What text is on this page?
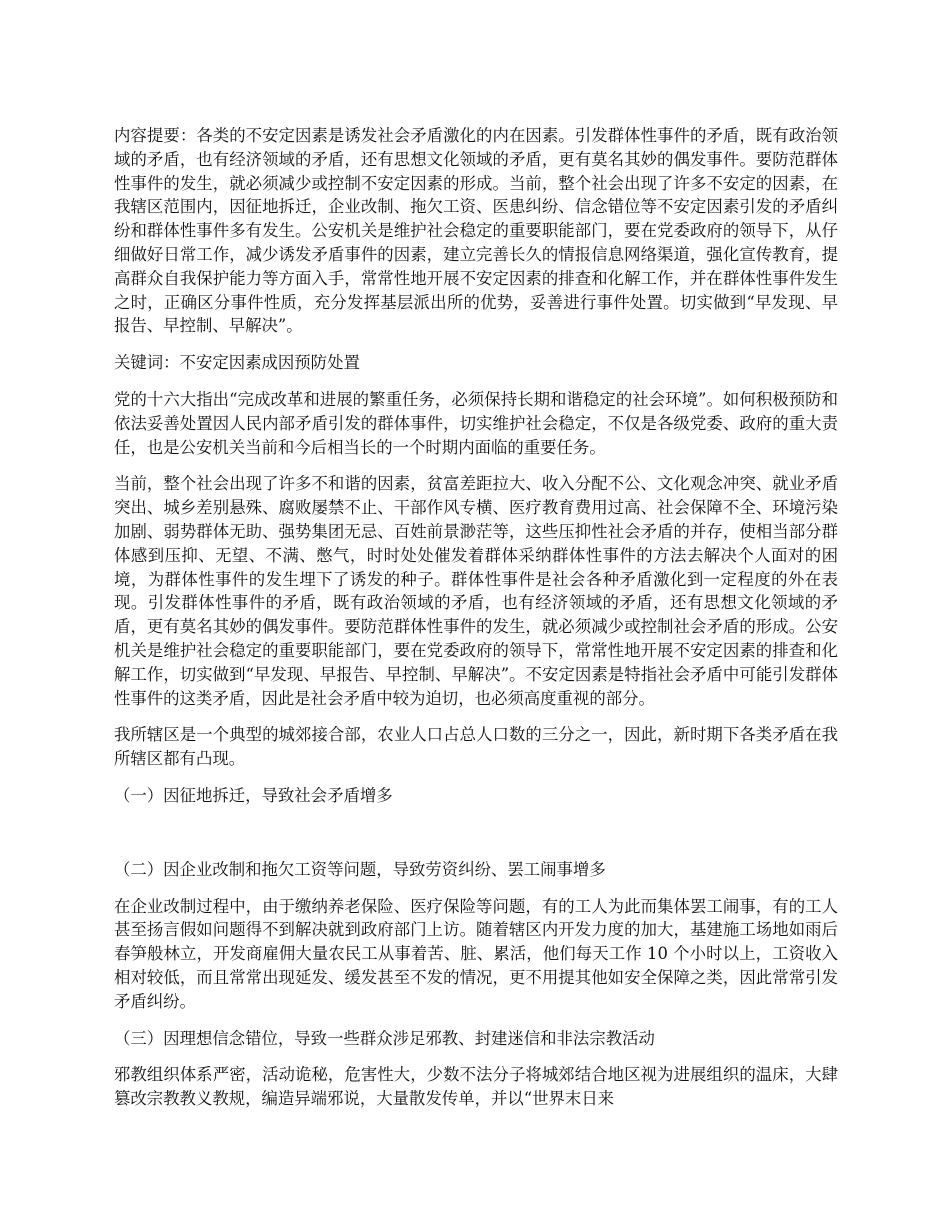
内容提要：各类的不安定因素是诱发社会矛盾激化的内在因素。引发群体性事件的矛盾，既有政治领域的矛盾，也有经济领域的矛盾，还有思想文化领域的矛盾，更有莫名其妙的偶发事件。要防范群体性事件的发生，就必须减少或控制不安定因素的形成。当前，整个社会出现了许多不安定的因素，在我辖区范围内，因征地拆迁，企业改制、拖欠工资、医患纠纷、信念错位等不安定因素引发的矛盾纠纷和群体性事件多有发生。公安机关是维护社会稳定的重要职能部门，要在党委政府的领导下，从仔细做好日常工作，减少诱发矛盾事件的因素，建立完善长久的情报信息网络渠道，强化宣传教育，提高群众自我保护能力等方面入手，常常性地开展不安定因素的排查和化解工作，并在群体性事件发生之时，正确区分事件性质，充分发挥基层派出所的优势，妥善进行事件处置。切实做到“早发现、早报告、早控制、早解决”。

关键词：不安定因素成因预防处置

党的十六大指出“完成改革和进展的繁重任务，必须保持长期和谐稳定的社会环境”。如何积极预防和依法妥善处置因人民内部矛盾引发的群体事件，切实维护社会稳定，不仅是各级党委、政府的重大责任，也是公安机关当前和今后相当长的一个时期内面临的重要任务。

当前，整个社会出现了许多不和谐的因素，贫富差距拉大、收入分配不公、文化观念冲突、就业矛盾突出、城乡差别悬殊、腐败屡禁不止、干部作风专横、医疗教育费用过高、社会保障不全、环境污染加剧、弱势群体无助、强势集团无忌、百姓前景渺茫等，这些压抑性社会矛盾的并存，使相当部分群体感到压抑、无望、不满、憋气，时时处处催发着群体采纳群体性事件的方法去解决个人面对的困境，为群体性事件的发生埋下了诱发的种子。群体性事件是社会各种矛盾激化到一定程度的外在表现。引发群体性事件的矛盾，既有政治领域的矛盾，也有经济领域的矛盾，还有思想文化领域的矛盾，更有莫名其妙的偶发事件。要防范群体性事件的发生，就必须减少或控制社会矛盾的形成。公安机关是维护社会稳定的重要职能部门，要在党委政府的领导下，常常性地开展不安定因素的排查和化解工作，切实做到“早发现、早报告、早控制、早解决”。不安定因素是特指社会矛盾中可能引发群体性事件的这类矛盾，因此是社会矛盾中较为迫切，也必须高度重视的部分。

我所辖区是一个典型的城郊接合部，农业人口占总人口数的三分之一，因此，新时期下各类矛盾在我所辖区都有凸现。

（一）因征地拆迁，导致社会矛盾增多

（二）因企业改制和拖欠工资等问题，导致劳资纠纷、罢工闹事增多

在企业改制过程中，由于缴纳养老保险、医疗保险等问题，有的工人为此而集体罢工闹事，有的工人甚至扬言假如问题得不到解决就到政府部门上访。随着辖区内开发力度的加大，基建施工场地如雨后春笋般林立，开发商雇佣大量农民工从事着苦、脏、累活，他们每天工作 10 个小时以上，工资收入相对较低，而且常常出现延发、缓发甚至不发的情况，更不用提其他如安全保障之类，因此常常引发矛盾纠纷。

（三）因理想信念错位，导致一些群众涉足邪教、封建迷信和非法宗教活动

邪教组织体系严密，活动诡秘，危害性大，少数不法分子将城郊结合地区视为进展组织的温床，大肆篡改宗教教义教规，编造异端邪说，大量散发传单，并以“世界末日来
